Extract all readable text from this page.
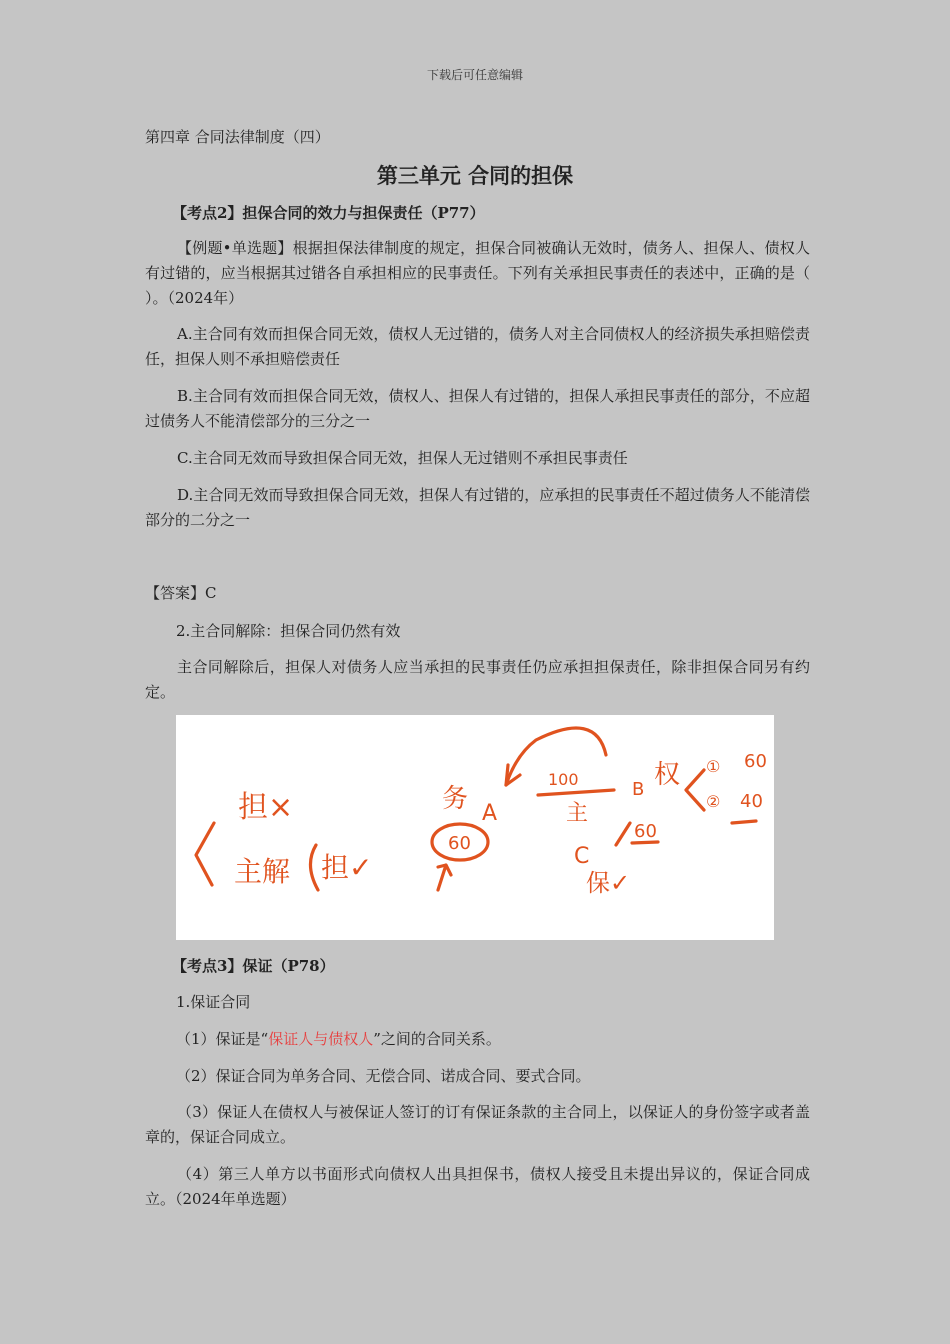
下载后可任意编辑
第四章 合同法律制度（四）
第三单元 合同的担保
【考点2】担保合同的效力与担保责任（P77）
【例题•单选题】根据担保法律制度的规定，担保合同被确认无效时，债务人、担保人、债权人有过错的，应当根据其过错各自承担相应的民事责任。下列有关承担民事责任的表述中，正确的是（ ）。（2024年）
A.主合同有效而担保合同无效，债权人无过错的，债务人对主合同债权人的经济损失承担赔偿责任，担保人则不承担赔偿责任
B.主合同有效而担保合同无效，债权人、担保人有过错的，担保人承担民事责任的部分，不应超过债务人不能清偿部分的三分之一
C.主合同无效而导致担保合同无效，担保人无过错则不承担民事责任
D.主合同无效而导致担保合同无效，担保人有过错的，应承担的民事责任不超过债务人不能清偿部分的二分之一
【答案】C
2.主合同解除：担保合同仍然有效
主合同解除后，担保人对债务人应当承担的民事责任仍应承担担保责任，除非担保合同另有约定。
担×
主解 担✓
务 A
60
100
主
B 权 ① 60
② 40
60
C
保✓
【考点3】保证（P78）
1.保证合同
（1）保证是“保证人与债权人”之间的合同关系。
（2）保证合同为单务合同、无偿合同、诺成合同、要式合同。
（3）保证人在债权人与被保证人签订的订有保证条款的主合同上，以保证人的身份签字或者盖章的，保证合同成立。
（4）第三人单方以书面形式向债权人出具担保书，债权人接受且未提出异议的，保证合同成立。（2024年单选题）
